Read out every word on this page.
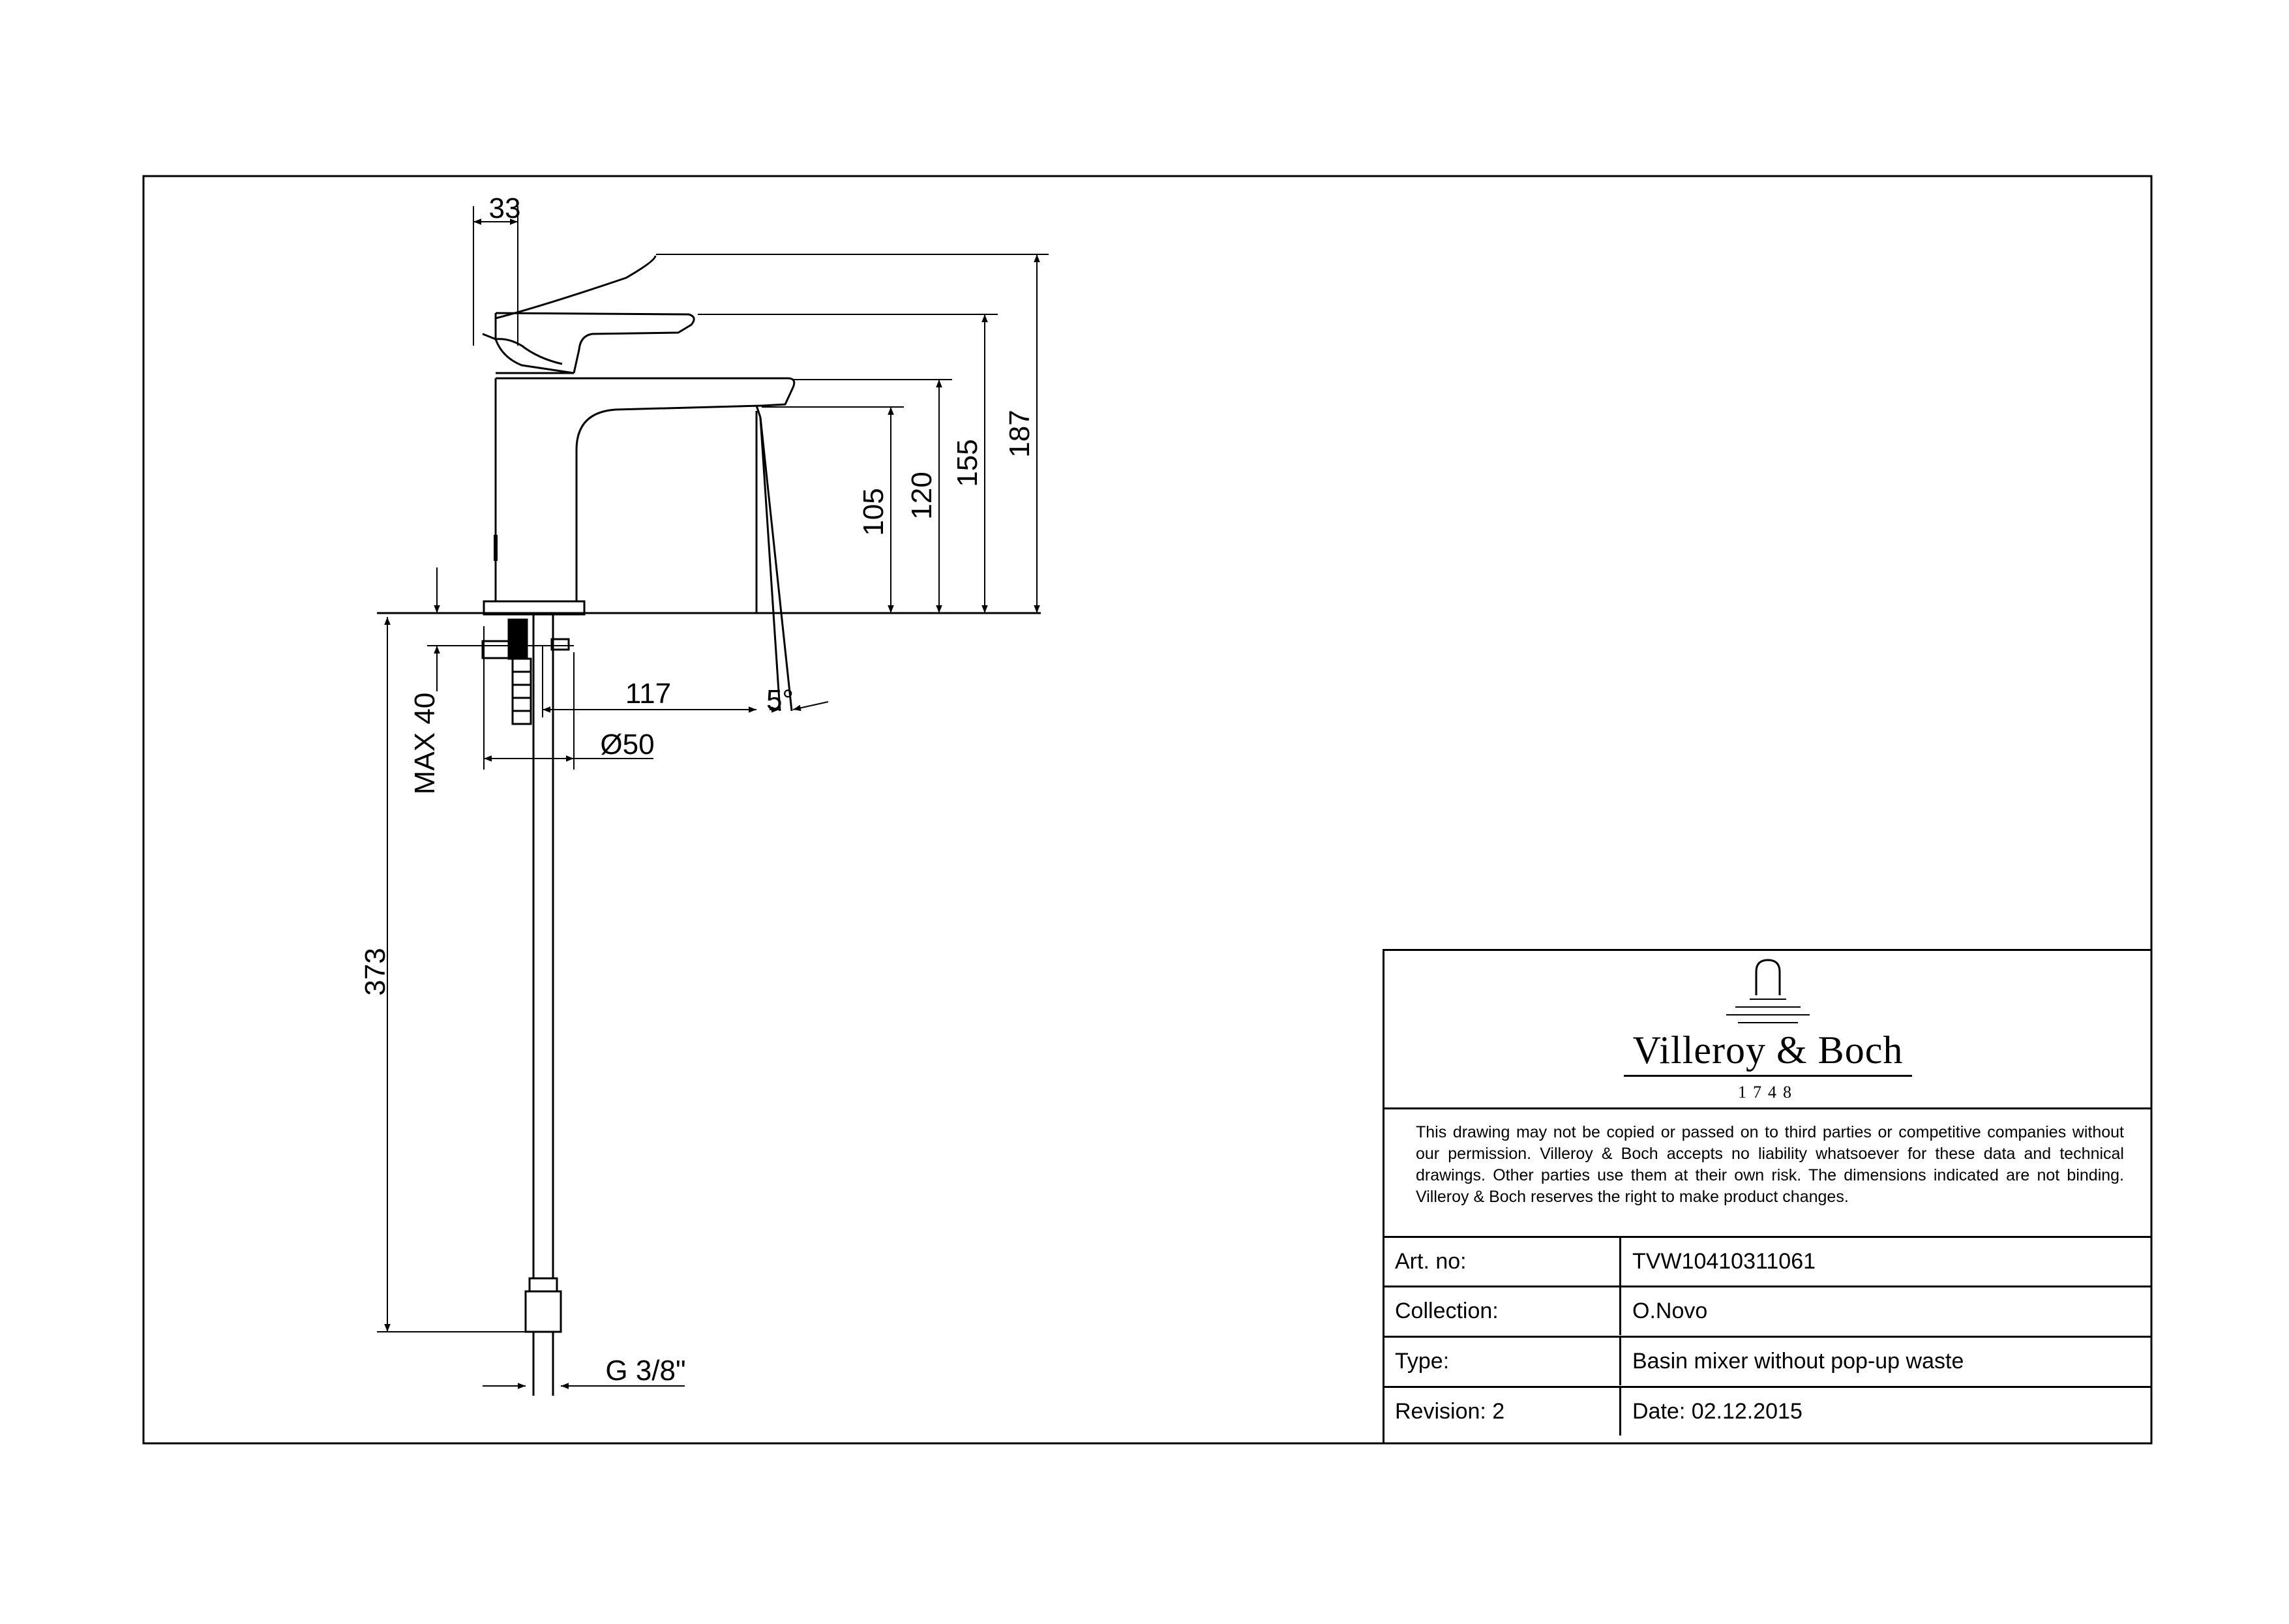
33
187
155
120
105
MAX 40	117	5°
Ø50
373
G 3/8"
Villeroy & Boch
1748
This drawing may not be copied or passed on to third parties or competitive companies without our permission. Villeroy & Boch accepts no liability whatsoever for these data and technical drawings. Other parties use them at their own risk. The dimensions indicated are not binding. Villeroy & Boch reserves the right to make product changes.
Art. no:	TVW10410311061
Collection:	O.Novo
Type:	Basin mixer without pop-up waste
Revision: 2	Date: 02.12.2015
